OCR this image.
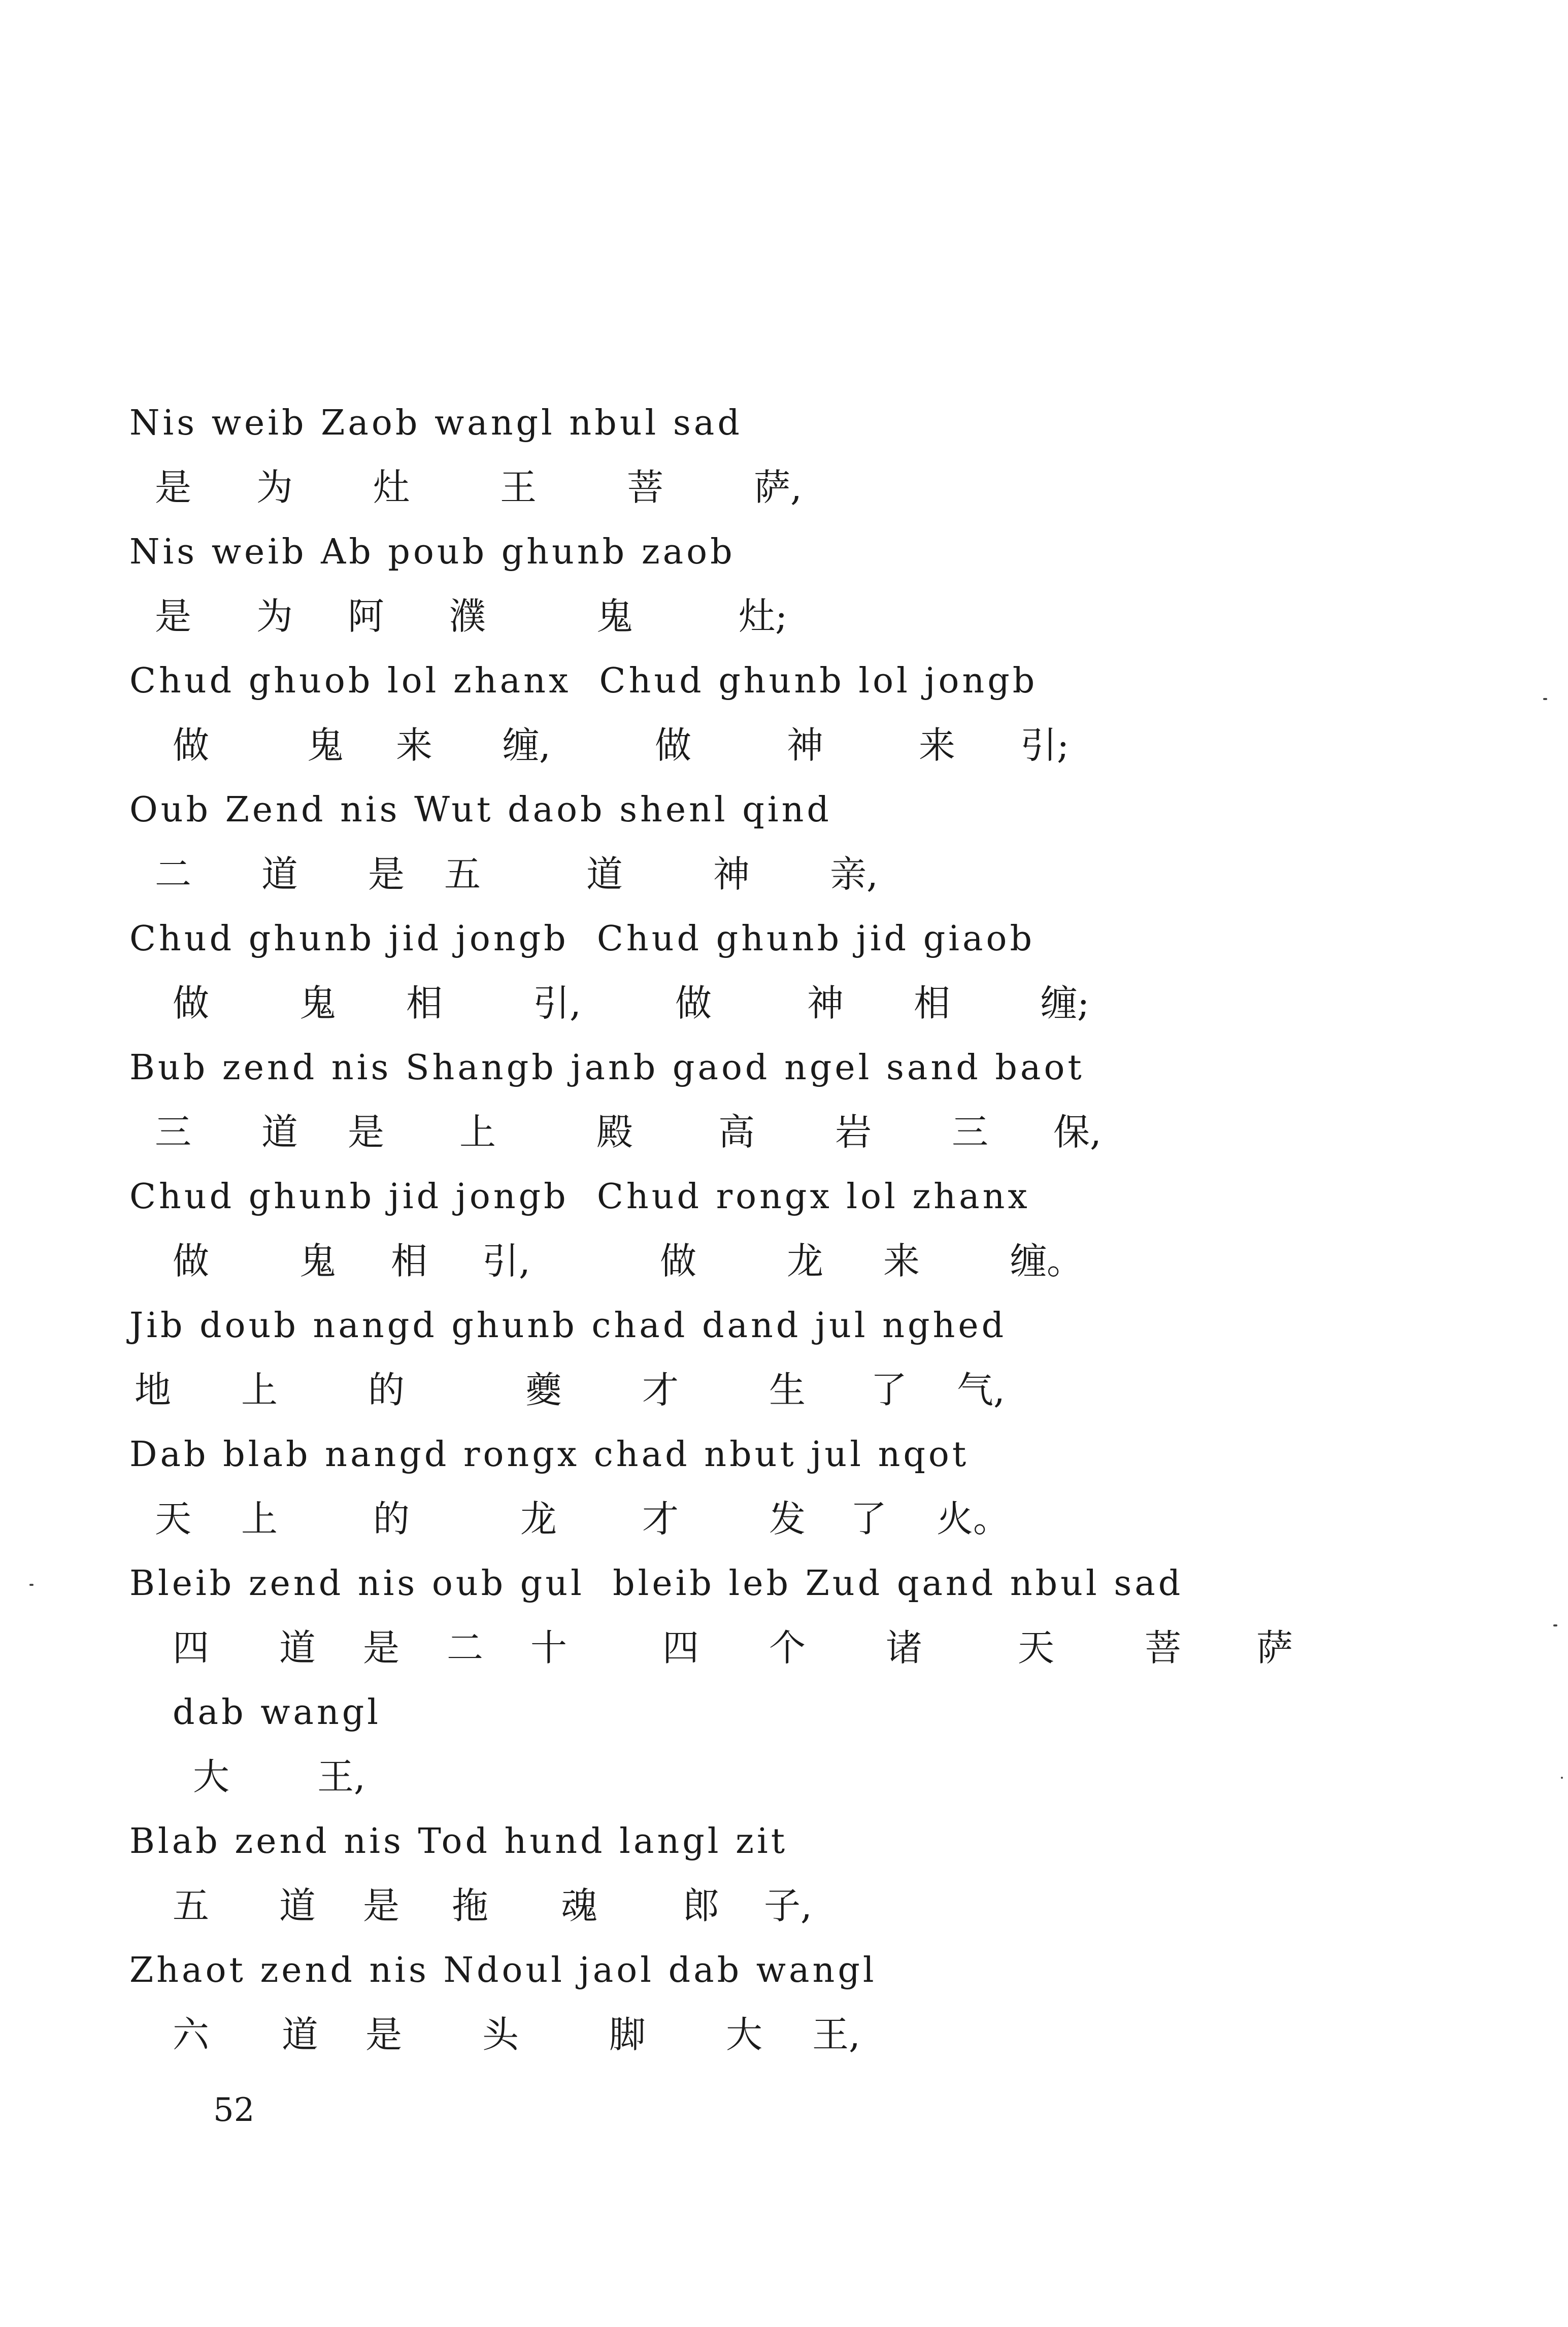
Nis weib Zaob wangl nbul sad
是	为	灶	王	菩	萨,
Nis weib Ab poub ghunb zaob
是	为	阿	濮	鬼	灶;
Chud ghuob lol zhanx  Chud ghunb lol jongb
做	鬼	来	缠,	做	神	来	引;
Oub Zend nis Wut daob shenl qind
二	道	是	五	道	神	亲,
Chud ghunb jid jongb  Chud ghunb jid giaob
做	鬼	相	引,	做	神	相	缠;
Bub zend nis Shangb janb gaod ngel sand baot
三	道	是	上	殿	高	岩	三	保,
Chud ghunb jid jongb  Chud rongx lol zhanx
做	鬼	相	引,	做	龙	来	缠。
Jib doub nangd ghunb chad dand jul nghed
地	上	的	夔	才	生	了	气,
Dab blab nangd rongx chad nbut jul nqot
天	上	的	龙	才	发	了	火。
Bleib zend nis oub gul  bleib leb Zud qand nbul sad
四	道	是	二	十	四	个	诸	天	菩	萨
dab wangl
大	王,
Blab zend nis Tod hund langl zit
五	道	是	拖	魂	郎	子,
Zhaot zend nis Ndoul jaol dab wangl
六	道	是	头	脚	大	王,
52
